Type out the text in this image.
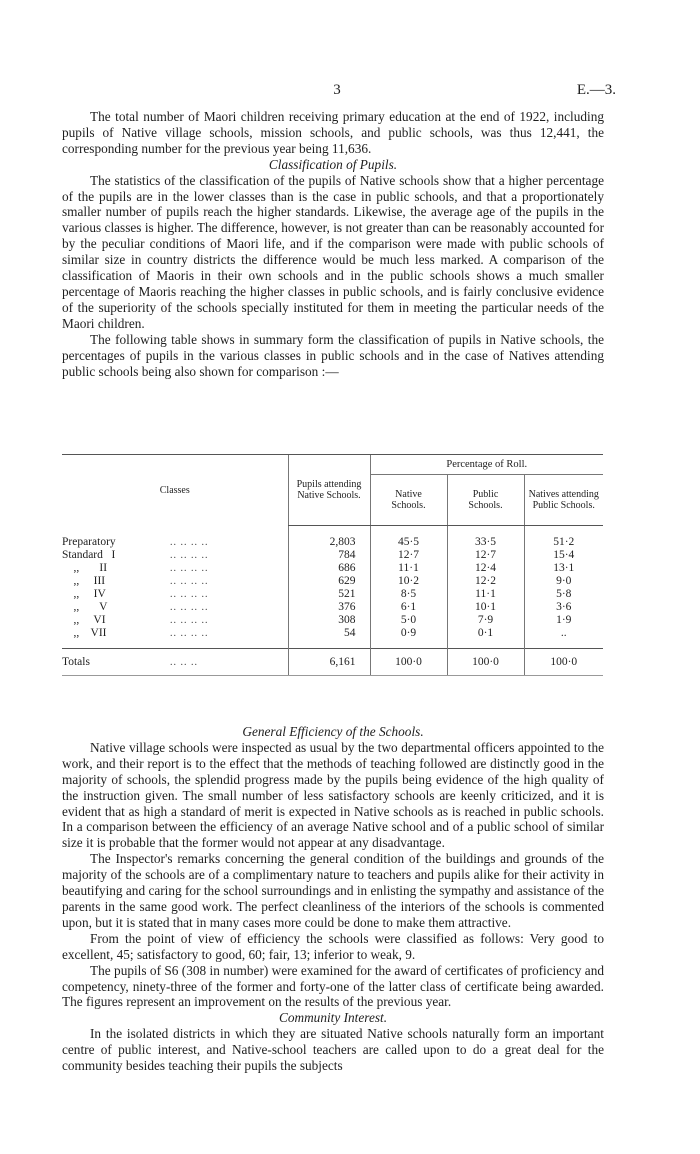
3	E.—3.

The total number of Maori children receiving primary education at the end of 1922, including pupils of Native village schools, mission schools, and public schools, was thus 12,441, the corresponding number for the previous year being 11,636.

Classification of Pupils.

The statistics of the classification of the pupils of Native schools show that a higher percentage of the pupils are in the lower classes than is the case in public schools, and that a proportionately smaller number of pupils reach the higher standards. Likewise, the average age of the pupils in the various classes is higher. The difference, however, is not greater than can be reasonably accounted for by the peculiar conditions of Maori life, and if the comparison were made with public schools of similar size in country districts the difference would be much less marked. A comparison of the classification of Maoris in their own schools and in the public schools shows a much smaller percentage of Maoris reaching the higher classes in public schools, and is fairly conclusive evidence of the superiority of the schools specially instituted for them in meeting the particular needs of the Maori children.

The following table shows in summary form the classification of pupils in Native schools, the percentages of pupils in the various classes in public schools and in the case of Natives attending public schools being also shown for comparison :—

Classes		Pupils attending Native Schools.	Percentage of Roll.		
			Native Schools.	Public Schools.	Natives attending Public Schools.
Preparatory	.. .. .. ..	2,803	45·5	33·5	51·2
Standard   I	.. .. .. ..	784	12·7	12·7	15·4
,,       II	.. .. .. ..	686	11·1	12·4	13·1
,,     III	.. .. .. ..	629	10·2	12·2	9·0
,,     IV	.. .. .. ..	521	8·5	11·1	5·8
,,       V	.. .. .. ..	376	6·1	10·1	3·6
,,     VI	.. .. .. ..	308	5·0	7·9	1·9
,,    VII	.. .. .. ..	54	0·9	0·1	..
Totals	.. .. ..	6,161	100·0	100·0	100·0

General Efficiency of the Schools.

Native village schools were inspected as usual by the two departmental officers appointed to the work, and their report is to the effect that the methods of teaching followed are distinctly good in the majority of schools, the splendid progress made by the pupils being evidence of the high quality of the instruction given. The small number of less satisfactory schools are keenly criticized, and it is evident that as high a standard of merit is expected in Native schools as is reached in public schools. In a comparison between the efficiency of an average Native school and of a public school of similar size it is probable that the former would not appear at any disadvantage.

The Inspector's remarks concerning the general condition of the buildings and grounds of the majority of the schools are of a complimentary nature to teachers and pupils alike for their activity in beautifying and caring for the school surroundings and in enlisting the sympathy and assistance of the parents in the same good work. The perfect cleanliness of the interiors of the schools is commented upon, but it is stated that in many cases more could be done to make them attractive.

From the point of view of efficiency the schools were classified as follows: Very good to excellent, 45; satisfactory to good, 60; fair, 13; inferior to weak, 9.

The pupils of S6 (308 in number) were examined for the award of certificates of proficiency and competency, ninety-three of the former and forty-one of the latter class of certificate being awarded. The figures represent an improvement on the results of the previous year.

Community Interest.

In the isolated districts in which they are situated Native schools naturally form an important centre of public interest, and Native-school teachers are called upon to do a great deal for the community besides teaching their pupils the subjects
